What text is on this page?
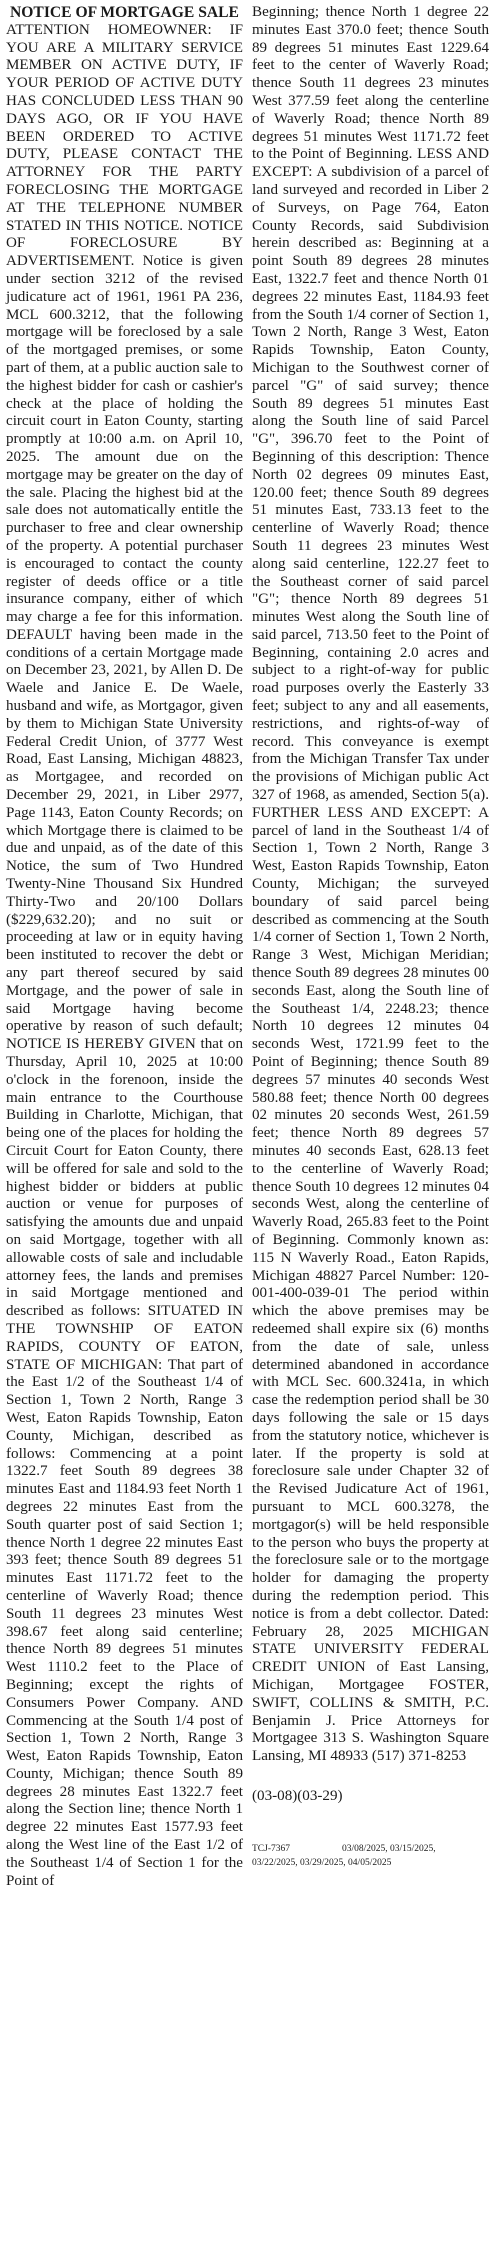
NOTICE OF MORTGAGE SALE

ATTENTION HOMEOWNER: IF YOU ARE A MILITARY SERVICE MEMBER ON ACTIVE DUTY, IF YOUR PERIOD OF ACTIVE DUTY HAS CONCLUDED LESS THAN 90 DAYS AGO, OR IF YOU HAVE BEEN ORDERED TO ACTIVE DUTY, PLEASE CONTACT THE ATTORNEY FOR THE PARTY FORECLOSING THE MORTGAGE AT THE TELEPHONE NUMBER STATED IN THIS NOTICE. NOTICE OF FORECLOSURE BY ADVERTISEMENT. Notice is given under section 3212 of the revised judicature act of 1961, 1961 PA 236, MCL 600.3212, that the following mortgage will be foreclosed by a sale of the mortgaged premises, or some part of them, at a public auction sale to the highest bidder for cash or cashier's check at the place of holding the circuit court in Eaton County, starting promptly at 10:00 a.m. on April 10, 2025. The amount due on the mortgage may be greater on the day of the sale. Placing the highest bid at the sale does not automatically entitle the purchaser to free and clear ownership of the property. A potential purchaser is encouraged to contact the county register of deeds office or a title insurance company, either of which may charge a fee for this information. DEFAULT having been made in the conditions of a certain Mortgage made on December 23, 2021, by Allen D. De Waele and Janice E. De Waele, husband and wife, as Mortgagor, given by them to Michigan State University Federal Credit Union, of 3777 West Road, East Lansing, Michigan 48823, as Mortgagee, and recorded on December 29, 2021, in Liber 2977, Page 1143, Eaton County Records; on which Mortgage there is claimed to be due and unpaid, as of the date of this Notice, the sum of Two Hundred Twenty-Nine Thousand Six Hundred Thirty-Two and 20/100 Dollars ($229,632.20); and no suit or proceeding at law or in equity having been instituted to recover the debt or any part thereof secured by said Mortgage, and the power of sale in said Mortgage having become operative by reason of such default; NOTICE IS HEREBY GIVEN that on Thursday, April 10, 2025 at 10:00 o'clock in the forenoon, inside the main entrance to the Courthouse Building in Charlotte, Michigan, that being one of the places for holding the Circuit Court for Eaton County, there will be offered for sale and sold to the highest bidder or bidders at public auction or venue for purposes of satisfying the amounts due and unpaid on said Mortgage, together with all allowable costs of sale and includable attorney fees, the lands and premises in said Mortgage mentioned and described as follows: SITUATED IN THE TOWNSHIP OF EATON RAPIDS, COUNTY OF EATON, STATE OF MICHIGAN: That part of the East 1/2 of the Southeast 1/4 of Section 1, Town 2 North, Range 3 West, Eaton Rapids Township, Eaton County, Michigan, described as follows: Commencing at a point 1322.7 feet South 89 degrees 38 minutes East and 1184.93 feet North 1 degrees 22 minutes East from the South quarter post of said Section 1; thence North 1 degree 22 minutes East 393 feet; thence South 89 degrees 51 minutes East 1171.72 feet to the centerline of Waverly Road; thence South 11 degrees 23 minutes West 398.67 feet along said centerline; thence North 89 degrees 51 minutes West 1110.2 feet to the Place of Beginning; except the rights of Consumers Power Company. AND Commencing at the South 1/4 post of Section 1, Town 2 North, Range 3 West, Eaton Rapids Township, Eaton County, Michigan; thence South 89 degrees 28 minutes East 1322.7 feet along the Section line; thence North 1 degree 22 minutes East 1577.93 feet along the West line of the East 1/2 of the Southeast 1/4 of Section 1 for the Point of

Beginning; thence North 1 degree 22 minutes East 370.0 feet; thence South 89 degrees 51 minutes East 1229.64 feet to the center of Waverly Road; thence South 11 degrees 23 minutes West 377.59 feet along the centerline of Waverly Road; thence North 89 degrees 51 minutes West 1171.72 feet to the Point of Beginning. LESS AND EXCEPT: A subdivision of a parcel of land surveyed and recorded in Liber 2 of Surveys, on Page 764, Eaton County Records, said Subdivision herein described as: Beginning at a point South 89 degrees 28 minutes East, 1322.7 feet and thence North 01 degrees 22 minutes East, 1184.93 feet from the South 1/4 corner of Section 1, Town 2 North, Range 3 West, Eaton Rapids Township, Eaton County, Michigan to the Southwest corner of parcel "G" of said survey; thence South 89 degrees 51 minutes East along the South line of said Parcel "G", 396.70 feet to the Point of Beginning of this description: Thence North 02 degrees 09 minutes East, 120.00 feet; thence South 89 degrees 51 minutes East, 733.13 feet to the centerline of Waverly Road; thence South 11 degrees 23 minutes West along said centerline, 122.27 feet to the Southeast corner of said parcel "G"; thence North 89 degrees 51 minutes West along the South line of said parcel, 713.50 feet to the Point of Beginning, containing 2.0 acres and subject to a right-of-way for public road purposes overly the Easterly 33 feet; subject to any and all easements, restrictions, and rights-of-way of record. This conveyance is exempt from the Michigan Transfer Tax under the provisions of Michigan public Act 327 of 1968, as amended, Section 5(a). FURTHER LESS AND EXCEPT: A parcel of land in the Southeast 1/4 of Section 1, Town 2 North, Range 3 West, Easton Rapids Township, Eaton County, Michigan; the surveyed boundary of said parcel being described as commencing at the South 1/4 corner of Section 1, Town 2 North, Range 3 West, Michigan Meridian; thence South 89 degrees 28 minutes 00 seconds East, along the South line of the Southeast 1/4, 2248.23; thence North 10 degrees 12 minutes 04 seconds West, 1721.99 feet to the Point of Beginning; thence South 89 degrees 57 minutes 40 seconds West 580.88 feet; thence North 00 degrees 02 minutes 20 seconds West, 261.59 feet; thence North 89 degrees 57 minutes 40 seconds East, 628.13 feet to the centerline of Waverly Road; thence South 10 degrees 12 minutes 04 seconds West, along the centerline of Waverly Road, 265.83 feet to the Point of Beginning. Commonly known as: 115 N Waverly Road., Eaton Rapids, Michigan 48827 Parcel Number: 120-001-400-039-01 The period within which the above premises may be redeemed shall expire six (6) months from the date of sale, unless determined abandoned in accordance with MCL Sec. 600.3241a, in which case the redemption period shall be 30 days following the sale or 15 days from the statutory notice, whichever is later. If the property is sold at foreclosure sale under Chapter 32 of the Revised Judicature Act of 1961, pursuant to MCL 600.3278, the mortgagor(s) will be held responsible to the person who buys the property at the foreclosure sale or to the mortgage holder for damaging the property during the redemption period. This notice is from a debt collector. Dated: February 28, 2025 MICHIGAN STATE UNIVERSITY FEDERAL CREDIT UNION of East Lansing, Michigan, Mortgagee FOSTER, SWIFT, COLLINS & SMITH, P.C. Benjamin J. Price Attorneys for Mortgagee 313 S. Washington Square Lansing, MI 48933 (517) 371-8253

(03-08)(03-29)

TCJ-7367	03/08/2025, 03/15/2025,
03/22/2025, 03/29/2025, 04/05/2025
